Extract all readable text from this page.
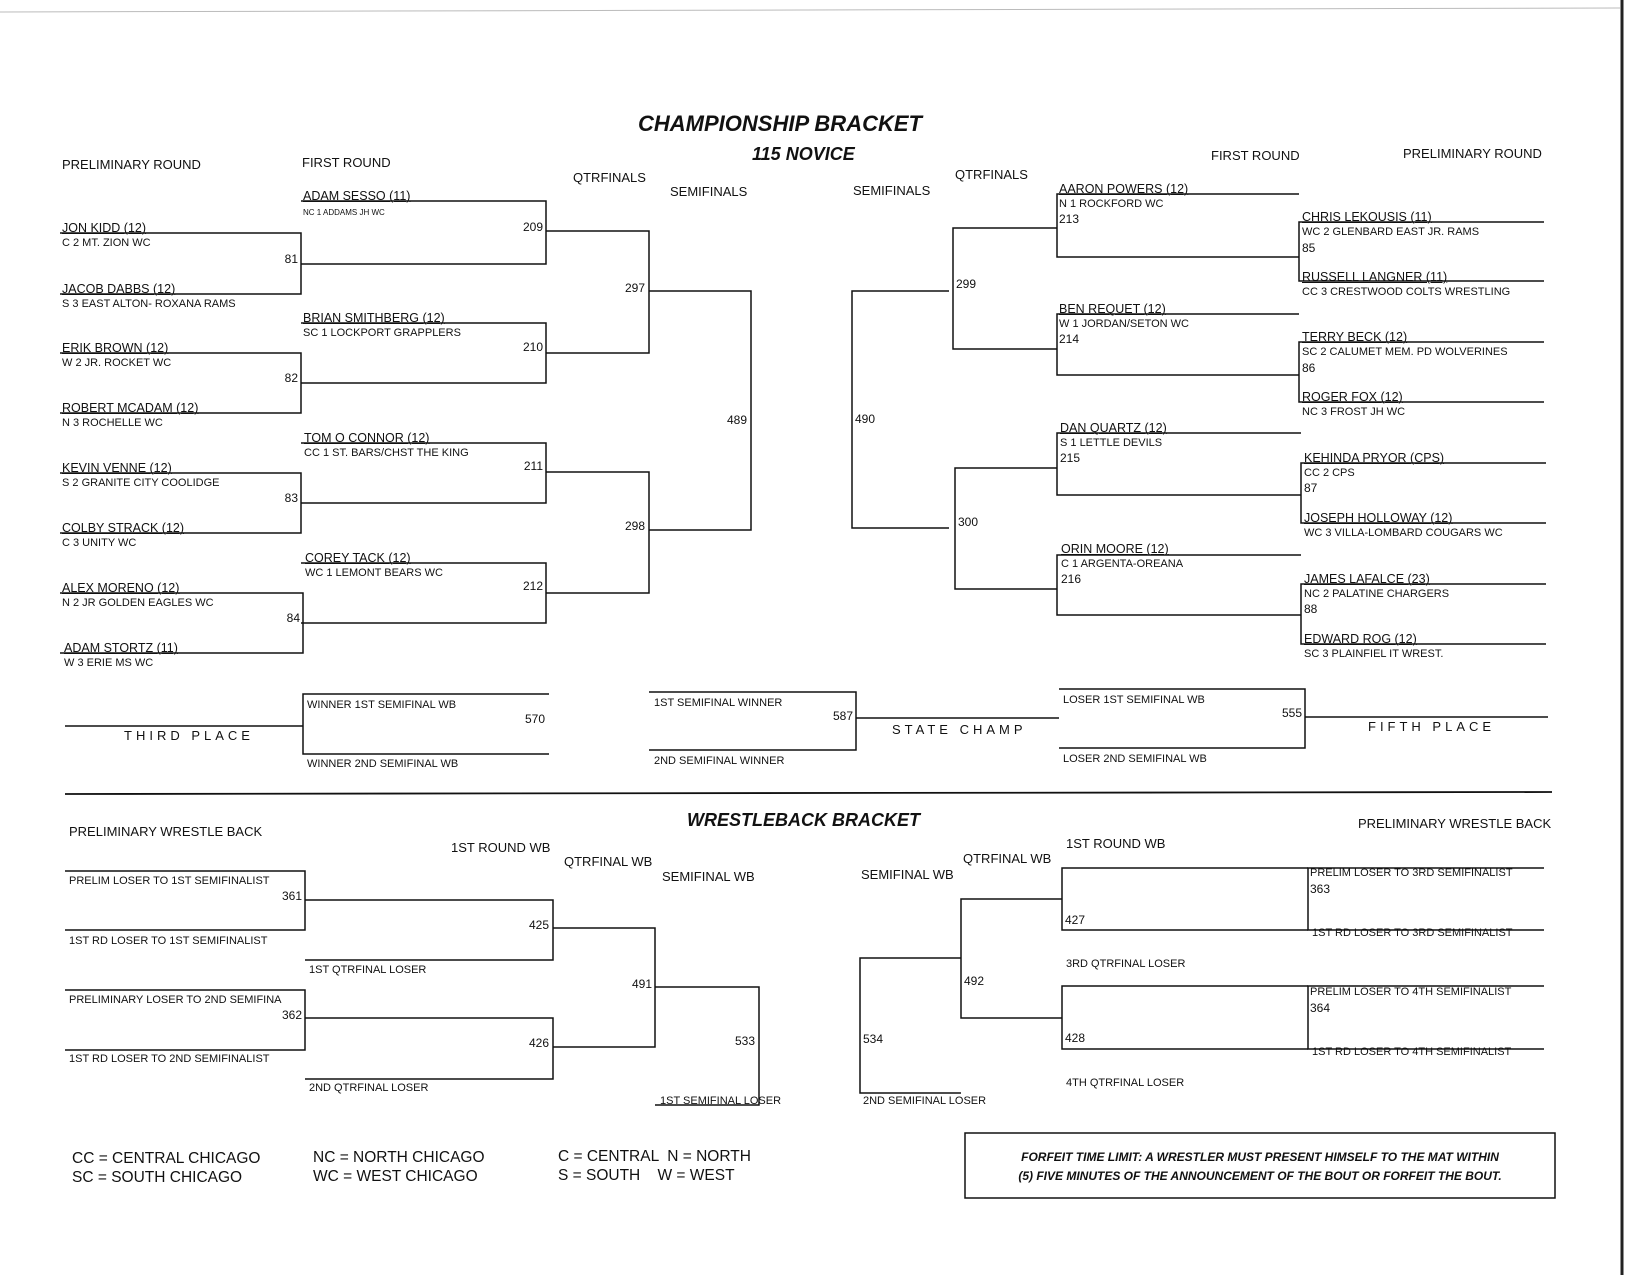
CHAMPIONSHIP BRACKET
115 NOVICE
WRESTLEBACK BRACKET
PRELIMINARY ROUND	FIRST ROUND
QTRFINALS
SEMIFINALS	SEMIFINALS
QTRFINALS
FIRST ROUND	PRELIMINARY ROUND
PRELIMINARY WRESTLE BACK
1ST ROUND WB
QTRFINAL WB
SEMIFINAL WB	SEMIFINAL WB
QTRFINAL WB
1ST ROUND WB
PRELIMINARY WRESTLE BACK
JON KIDD (12)
C 2 MT. ZION WC
JACOB DABBS (12)
S 3 EAST ALTON- ROXANA RAMS
ERIK BROWN (12)
W 2 JR. ROCKET WC
ROBERT MCADAM (12)
N 3 ROCHELLE WC
KEVIN VENNE (12)
S 2 GRANITE CITY COOLIDGE
COLBY STRACK (12)
C 3 UNITY WC
ALEX MORENO (12)
N 2 JR GOLDEN EAGLES WC
ADAM STORTZ (11)
W 3 ERIE MS WC
81
82
83
84
ADAM SESSO (11)
NC 1 ADDAMS JH WC
BRIAN SMITHBERG (12)
SC 1 LOCKPORT GRAPPLERS
TOM O CONNOR (12)
CC 1 ST. BARS/CHST THE KING
COREY TACK (12)
WC 1 LEMONT BEARS WC
209
210
211
212
297
298
489	490
299
300
AARON POWERS (12)
N 1 ROCKFORD WC
213
BEN REQUET (12)
W 1 JORDAN/SETON WC
214
DAN QUARTZ (12)
S 1 LETTLE DEVILS
215
ORIN MOORE (12)
C 1 ARGENTA-OREANA
216
CHRIS LEKOUSIS (11)
WC 2 GLENBARD EAST JR. RAMS
85
RUSSELL LANGNER (11)
CC 3 CRESTWOOD COLTS WRESTLING
TERRY BECK (12)
SC 2 CALUMET MEM. PD WOLVERINES
86
ROGER FOX (12)
NC 3 FROST JH WC
KEHINDA PRYOR (CPS)
CC 2 CPS
87
JOSEPH HOLLOWAY (12)
WC 3 VILLA-LOMBARD COUGARS WC
JAMES LAFALCE (23)
NC 2 PALATINE CHARGERS
88
EDWARD ROG (12)
SC 3 PLAINFIEL IT WREST.
THIRD PLACE
WINNER 1ST SEMIFINAL WB
WINNER 2ND SEMIFINAL WB
570
1ST SEMIFINAL WINNER
2ND SEMIFINAL WINNER
587
STATE CHAMP
LOSER 1ST SEMIFINAL WB
LOSER 2ND SEMIFINAL WB
555
FIFTH PLACE
PRELIM LOSER TO 1ST SEMIFINALIST
361
1ST RD LOSER TO 1ST SEMIFINALIST
PRELIMINARY LOSER TO 2ND SEMIFINA
362
1ST RD LOSER TO 2ND SEMIFINALIST
425
426
1ST QTRFINAL LOSER
2ND QTRFINAL LOSER
491
533
1ST SEMIFINAL LOSER
PRELIM LOSER TO 3RD SEMIFINALIST
363
1ST RD LOSER TO 3RD SEMIFINALIST
PRELIM LOSER TO 4TH SEMIFINALIST
364
1ST RD LOSER TO 4TH SEMIFINALIST
427
428
3RD QTRFINAL LOSER
4TH QTRFINAL LOSER
492
534
2ND SEMIFINAL LOSER
CC = CENTRAL CHICAGO
SC = SOUTH CHICAGO
NC = NORTH CHICAGO
WC = WEST CHICAGO
C = CENTRAL  N = NORTH
S = SOUTH    W = WEST
FORFEIT TIME LIMIT: A WRESTLER MUST PRESENT HIMSELF TO THE MAT WITHIN
(5) FIVE MINUTES OF THE ANNOUNCEMENT OF THE BOUT OR FORFEIT THE BOUT.
